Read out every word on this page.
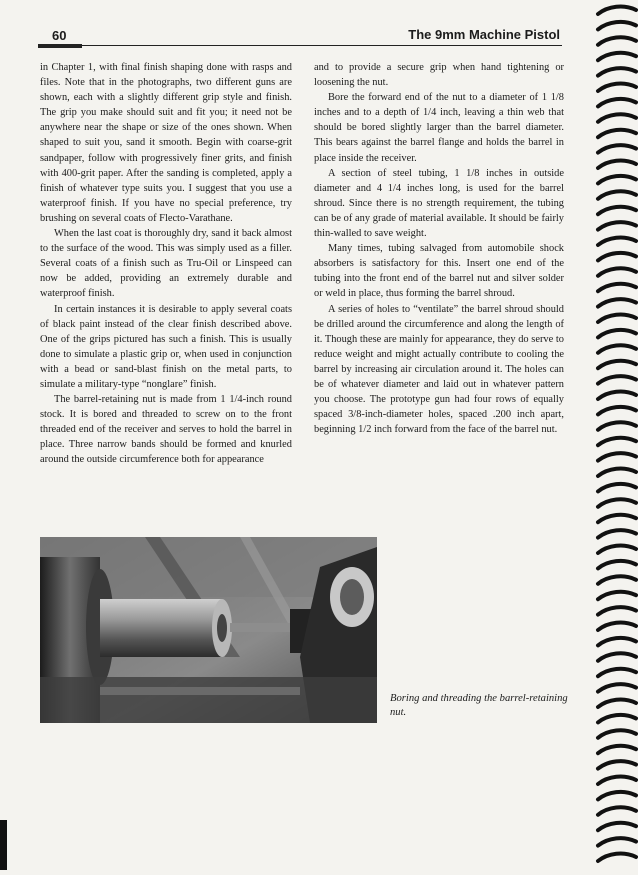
60	The 9mm Machine Pistol

in Chapter 1, with final finish shaping done with rasps and files. Note that in the photographs, two different guns are shown, each with a slightly different grip style and finish. The grip you make should suit and fit you; it need not be anywhere near the shape or size of the ones shown. When shaped to suit you, sand it smooth. Begin with coarse-grit sandpaper, follow with progressively finer grits, and finish with 400-grit paper. After the sanding is completed, apply a finish of whatever type suits you. I suggest that you use a waterproof finish. If you have no special preference, try brushing on several coats of Flecto-Varathane.

When the last coat is thoroughly dry, sand it back almost to the surface of the wood. This was simply used as a filler. Several coats of a finish such as Tru-Oil or Linspeed can now be added, providing an extremely durable and waterproof finish.

In certain instances it is desirable to apply several coats of black paint instead of the clear finish described above. One of the grips pictured has such a finish. This is usually done to simulate a plastic grip or, when used in conjunction with a bead or sand-blast finish on the metal parts, to simulate a military-type “nonglare” finish.

The barrel-retaining nut is made from 1 1/4-inch round stock. It is bored and threaded to screw on to the front threaded end of the receiver and serves to hold the barrel in place. Three narrow bands should be formed and knurled around the outside circumference both for appearance

and to provide a secure grip when hand tightening or loosening the nut.

Bore the forward end of the nut to a diameter of 1 1/8 inches and to a depth of 1/4 inch, leaving a thin web that should be bored slightly larger than the barrel diameter. This bears against the barrel flange and holds the barrel in place inside the receiver.

A section of steel tubing, 1 1/8 inches in outside diameter and 4 1/4 inches long, is used for the barrel shroud. Since there is no strength requirement, the tubing can be of any grade of material available. It should be fairly thin-walled to save weight.

Many times, tubing salvaged from automobile shock absorbers is satisfactory for this. Insert one end of the tubing into the front end of the barrel nut and silver solder or weld in place, thus forming the barrel shroud.

A series of holes to “ventilate” the barrel shroud should be drilled around the circumference and along the length of it. Though these are mainly for appearance, they do serve to reduce weight and might actually contribute to cooling the barrel by increasing air circulation around it. The holes can be of whatever diameter and laid out in whatever pattern you choose. The prototype gun had four rows of equally spaced 3/8-inch-diameter holes, spaced .200 inch apart, beginning 1/2 inch forward from the face of the barrel nut.

Boring and threading the barrel-retaining nut.
